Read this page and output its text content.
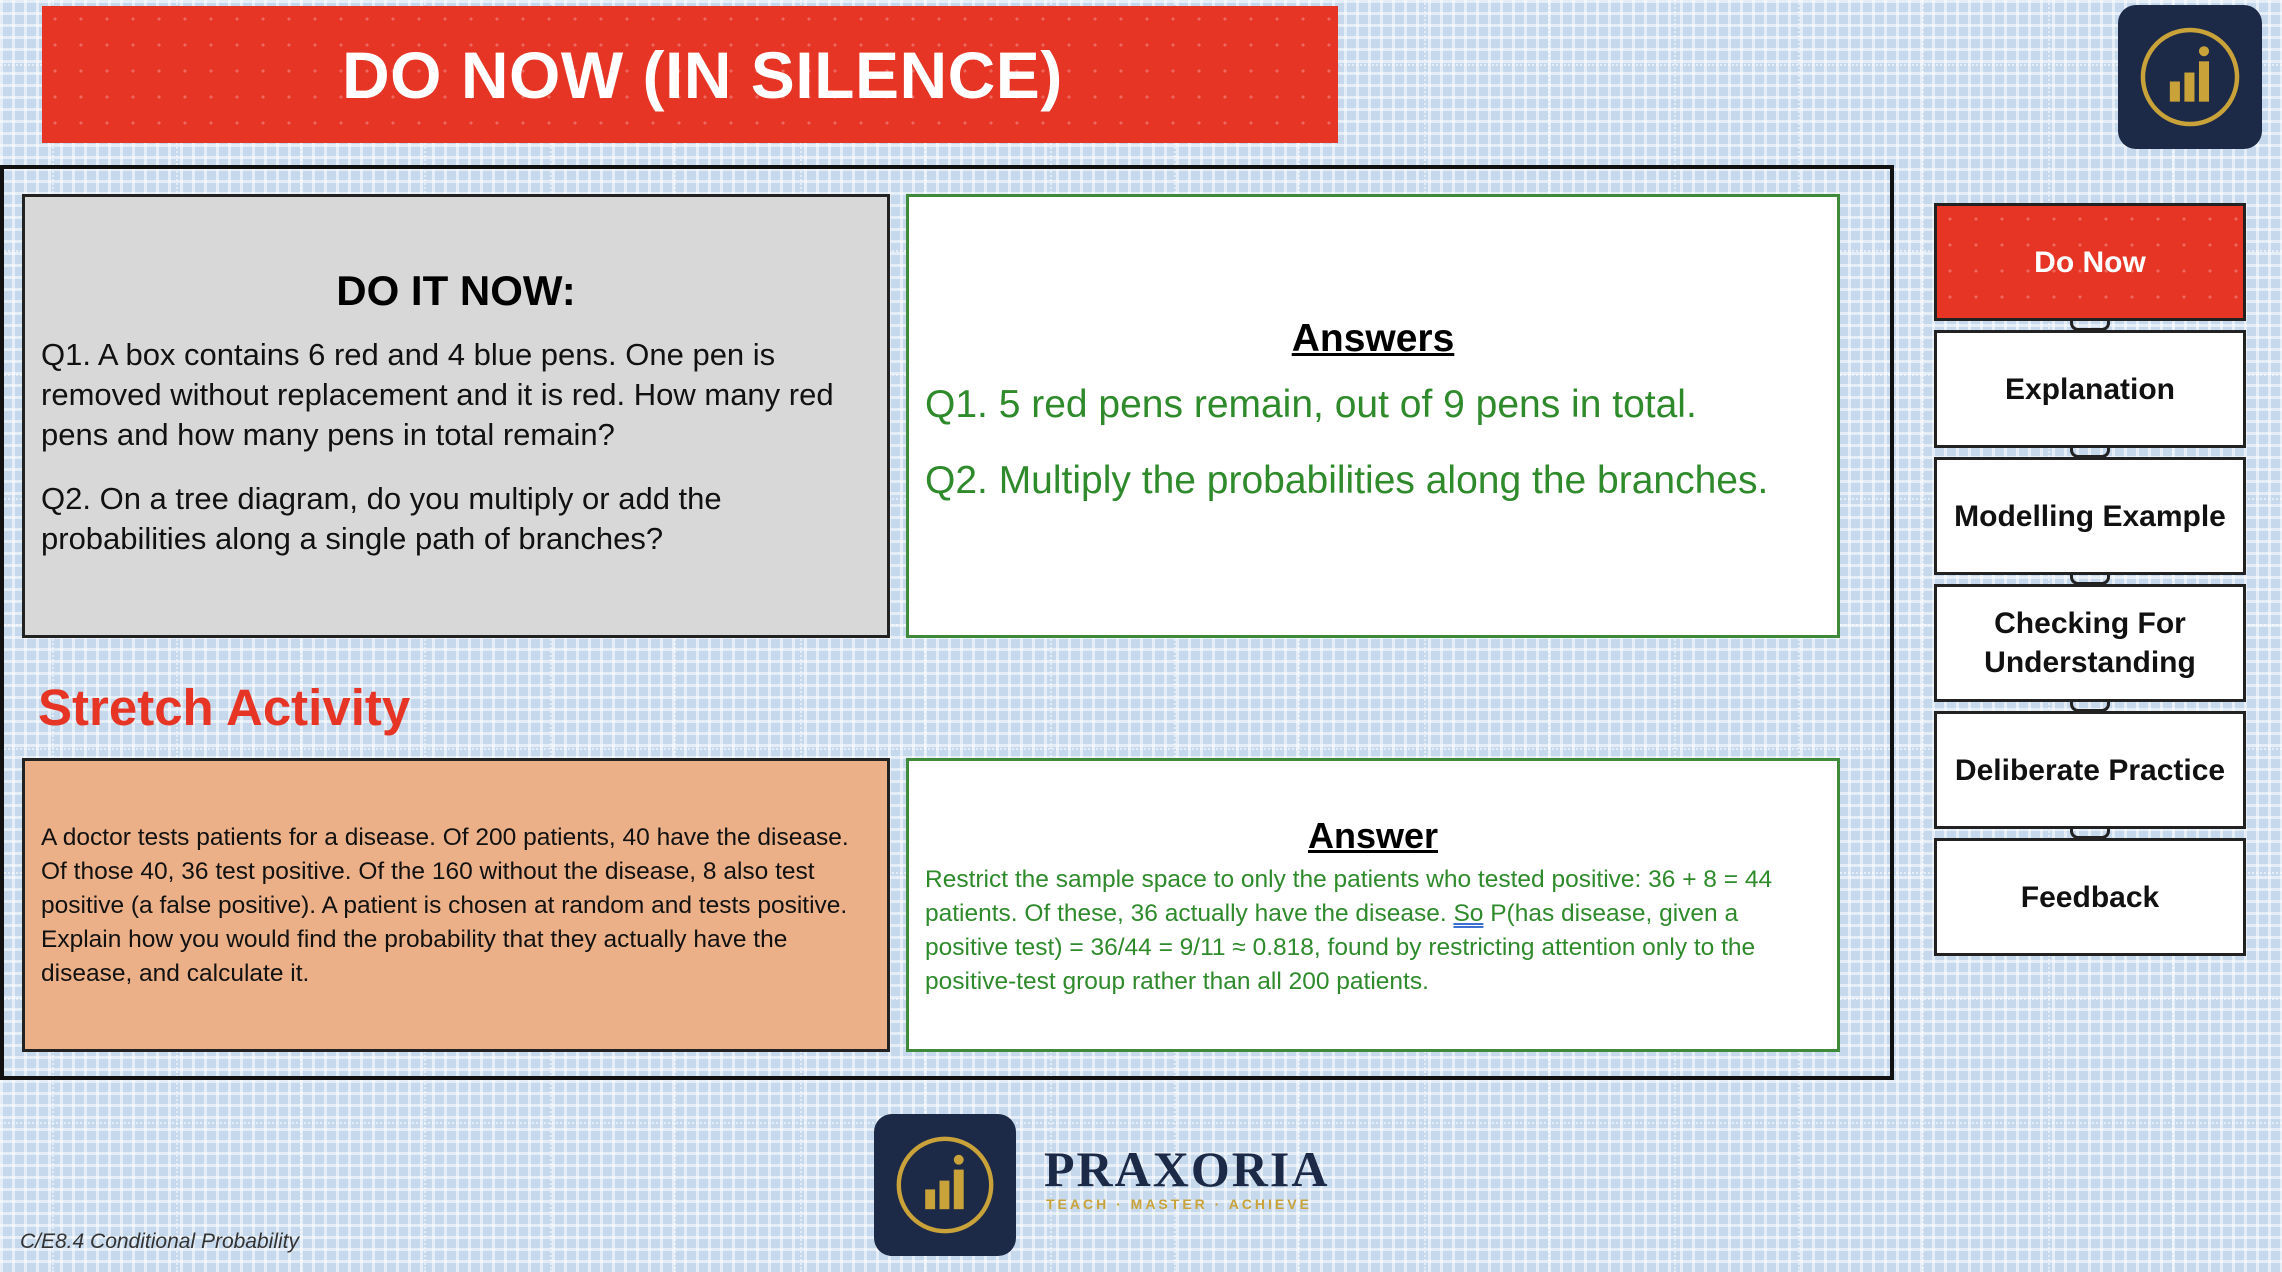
DO NOW (IN SILENCE)
DO IT NOW:

Q1. A box contains 6 red and 4 blue pens. One pen is removed without replacement and it is red. How many red pens and how many pens in total remain?

Q2. On a tree diagram, do you multiply or add the probabilities along a single path of branches?

Answers

Q1. 5 red pens remain, out of 9 pens in total.

Q2. Multiply the probabilities along the branches.

Stretch Activity

A doctor tests patients for a disease. Of 200 patients, 40 have the disease. Of those 40, 36 test positive. Of the 160 without the disease, 8 also test positive (a false positive). A patient is chosen at random and tests positive. Explain how you would find the probability that they actually have the disease, and calculate it.

Answer

Restrict the sample space to only the patients who tested positive: 36 + 8 = 44 patients. Of these, 36 actually have the disease. So P(has disease, given a positive test) = 36/44 = 9/11 ≈ 0.818, found by restricting attention only to the positive-test group rather than all 200 patients.

Do Now
Explanation
Modelling Example
Checking For Understanding
Deliberate Practice
Feedback
PRAXORIA
TEACH · MASTER · ACHIEVE
C/E8.4 Conditional Probability
